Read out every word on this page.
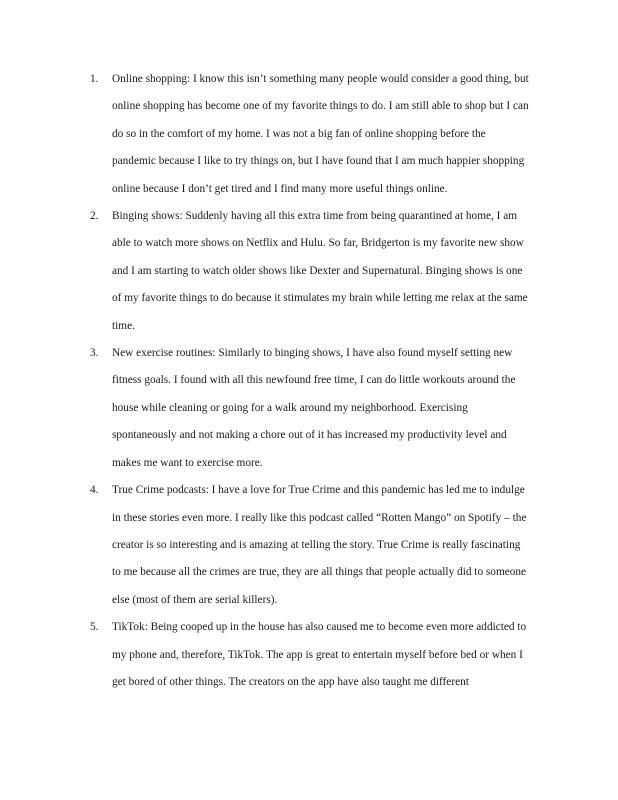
1. Online shopping: I know this isn’t something many people would consider a good thing, but online shopping has become one of my favorite things to do. I am still able to shop but I can do so in the comfort of my home. I was not a big fan of online shopping before the pandemic because I like to try things on, but I have found that I am much happier shopping online because I don’t get tired and I find many more useful things online.
2. Binging shows: Suddenly having all this extra time from being quarantined at home, I am able to watch more shows on Netflix and Hulu. So far, Bridgerton is my favorite new show and I am starting to watch older shows like Dexter and Supernatural. Binging shows is one of my favorite things to do because it stimulates my brain while letting me relax at the same time.
3. New exercise routines: Similarly to binging shows, I have also found myself setting new fitness goals. I found with all this newfound free time, I can do little workouts around the house while cleaning or going for a walk around my neighborhood. Exercising spontaneously and not making a chore out of it has increased my productivity level and makes me want to exercise more.
4. True Crime podcasts: I have a love for True Crime and this pandemic has led me to indulge in these stories even more. I really like this podcast called “Rotten Mango” on Spotify – the creator is so interesting and is amazing at telling the story. True Crime is really fascinating to me because all the crimes are true, they are all things that people actually did to someone else (most of them are serial killers).
5. TikTok: Being cooped up in the house has also caused me to become even more addicted to my phone and, therefore, TikTok. The app is great to entertain myself before bed or when I get bored of other things. The creators on the app have also taught me different
